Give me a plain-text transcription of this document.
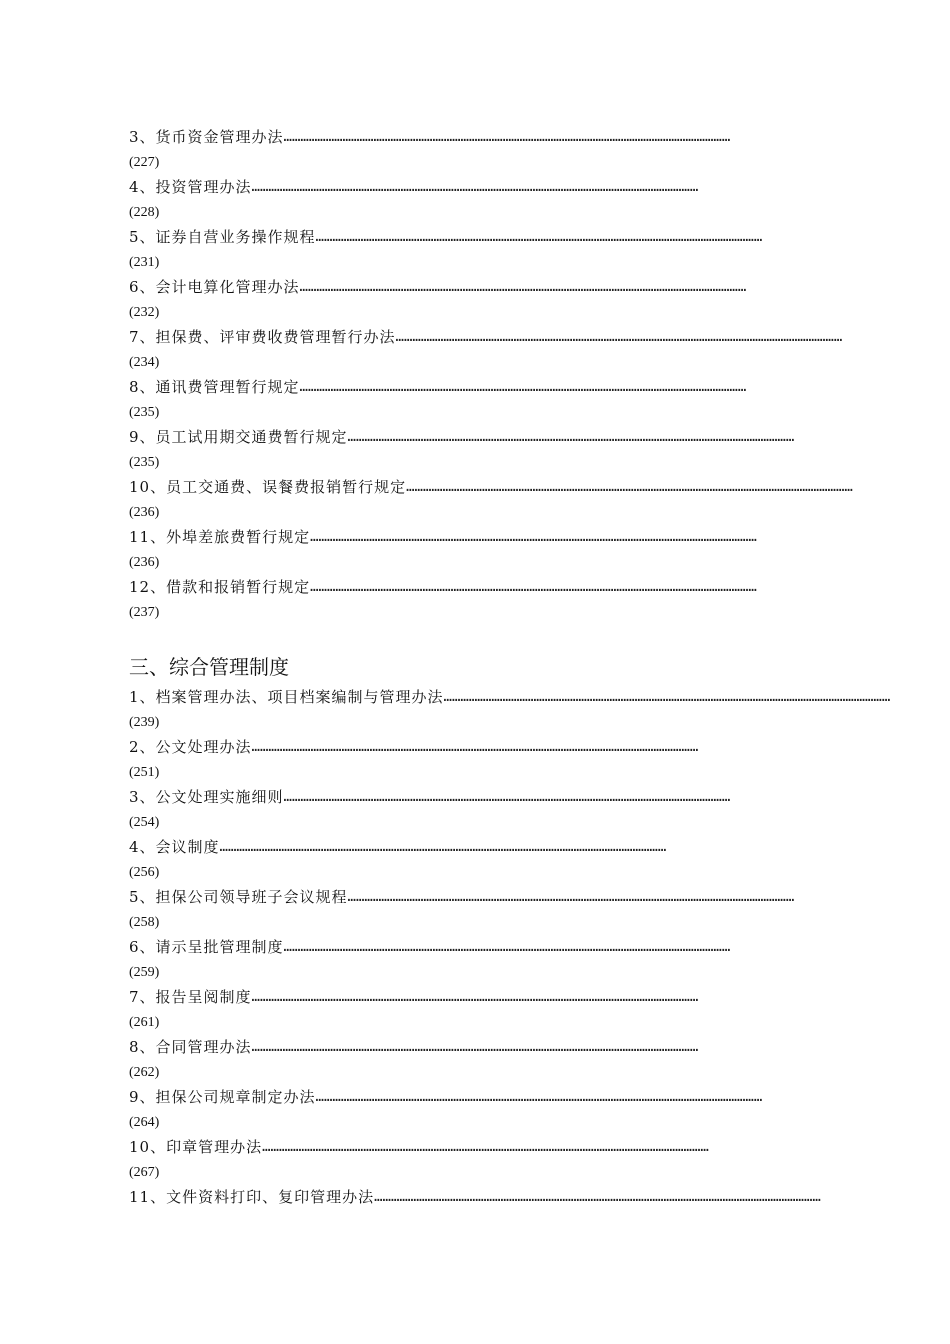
3、货币资金管理办法 ……………………………………………………………………………………………………………………………………………
(227)
4、投资管理办法 ……………………………………………………………………………………………………………………………………………
(228)
5、证券自营业务操作规程 ……………………………………………………………………………………………………………………………………………
(231)
6、会计电算化管理办法 ……………………………………………………………………………………………………………………………………………
(232)
7、担保费、评审费收费管理暂行办法 ……………………………………………………………………………………………………………………………………………
(234)
8、通讯费管理暂行规定 ……………………………………………………………………………………………………………………………………………
(235)
9、员工试用期交通费暂行规定 ……………………………………………………………………………………………………………………………………………
(235)
10、员工交通费、误餐费报销暂行规定 ……………………………………………………………………………………………………………………………………………
(236)
11、外埠差旅费暂行规定 ……………………………………………………………………………………………………………………………………………
(236)
12、借款和报销暂行规定 ……………………………………………………………………………………………………………………………………………
(237)
三、综合管理制度
1、档案管理办法、项目档案编制与管理办法 ……………………………………………………………………………………………………………………………………………
(239)
2、公文处理办法 ……………………………………………………………………………………………………………………………………………
(251)
3、公文处理实施细则 ……………………………………………………………………………………………………………………………………………
(254)
4、会议制度 ……………………………………………………………………………………………………………………………………………
(256)
5、担保公司领导班子会议规程 ……………………………………………………………………………………………………………………………………………
(258)
6、请示呈批管理制度 ……………………………………………………………………………………………………………………………………………
(259)
7、报告呈阅制度 ……………………………………………………………………………………………………………………………………………
(261)
8、合同管理办法 ……………………………………………………………………………………………………………………………………………
(262)
9、担保公司规章制定办法 ……………………………………………………………………………………………………………………………………………
(264)
10、印章管理办法 ……………………………………………………………………………………………………………………………………………
(267)
11、文件资料打印、复印管理办法 ……………………………………………………………………………………………………………………………………………
